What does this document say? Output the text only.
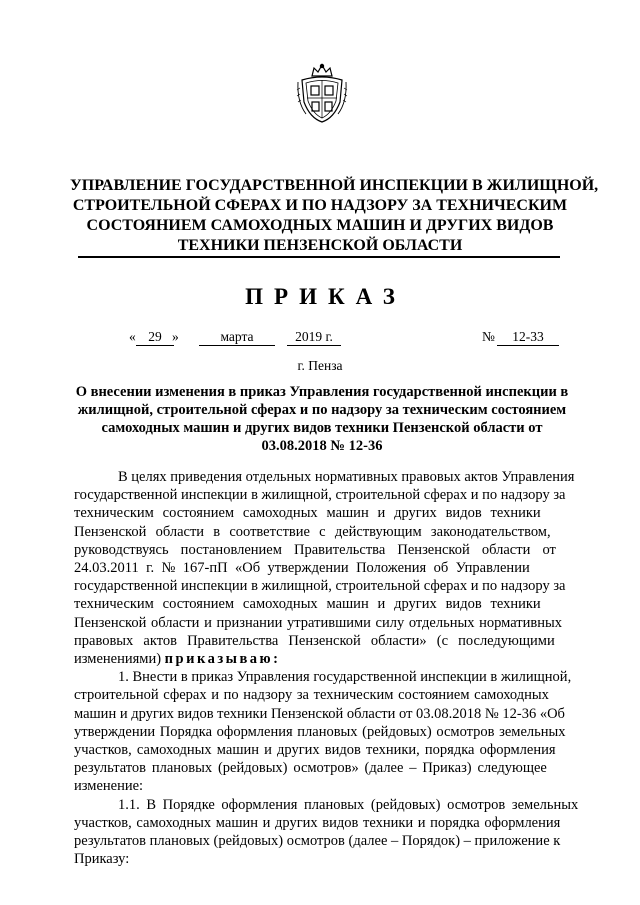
УПРАВЛЕНИЕ ГОСУДАРСТВЕННОЙ ИНСПЕКЦИИ В ЖИЛИЩНОЙ,
СТРОИТЕЛЬНОЙ СФЕРАХ И ПО НАДЗОРУ ЗА ТЕХНИЧЕСКИМ
СОСТОЯНИЕМ САМОХОДНЫХ МАШИН И ДРУГИХ ВИДОВ
ТЕХНИКИ ПЕНЗЕНСКОЙ ОБЛАСТИ
ПРИКАЗ
« 29 »	марта	2019 г.	№	12-33
г. Пенза
О внесении изменения в приказ Управления государственной инспекции в
жилищной, строительной сферах и по надзору за техническим состоянием
самоходных машин и других видов техники Пензенской области от
03.08.2018 № 12-36
В целях приведения отдельных нормативных правовых актов Управления
государственной инспекции в жилищной, строительной сферах и по надзору за
техническим состоянием самоходных машин и других видов техники
Пензенской области в соответствие с действующим законодательством,
руководствуясь постановлением Правительства Пензенской области от
24.03.2011 г. № 167-пП «Об утверждении Положения об Управлении
государственной инспекции в жилищной, строительной сферах и по надзору за
техническим состоянием самоходных машин и других видов техники
Пензенской области и признании утратившими силу отдельных нормативных
правовых актов Правительства Пензенской области» (с последующими
изменениями) приказываю:
1. Внести в приказ Управления государственной инспекции в жилищной,
строительной сферах и по надзору за техническим состоянием самоходных
машин и других видов техники Пензенской области от 03.08.2018 № 12-36 «Об
утверждении Порядка оформления плановых (рейдовых) осмотров земельных
участков, самоходных машин и других видов техники, порядка оформления
результатов плановых (рейдовых) осмотров» (далее – Приказ) следующее
изменение:
1.1. В Порядке оформления плановых (рейдовых) осмотров земельных
участков, самоходных машин и других видов техники и порядка оформления
результатов плановых (рейдовых) осмотров (далее – Порядок) – приложение к
Приказу:
